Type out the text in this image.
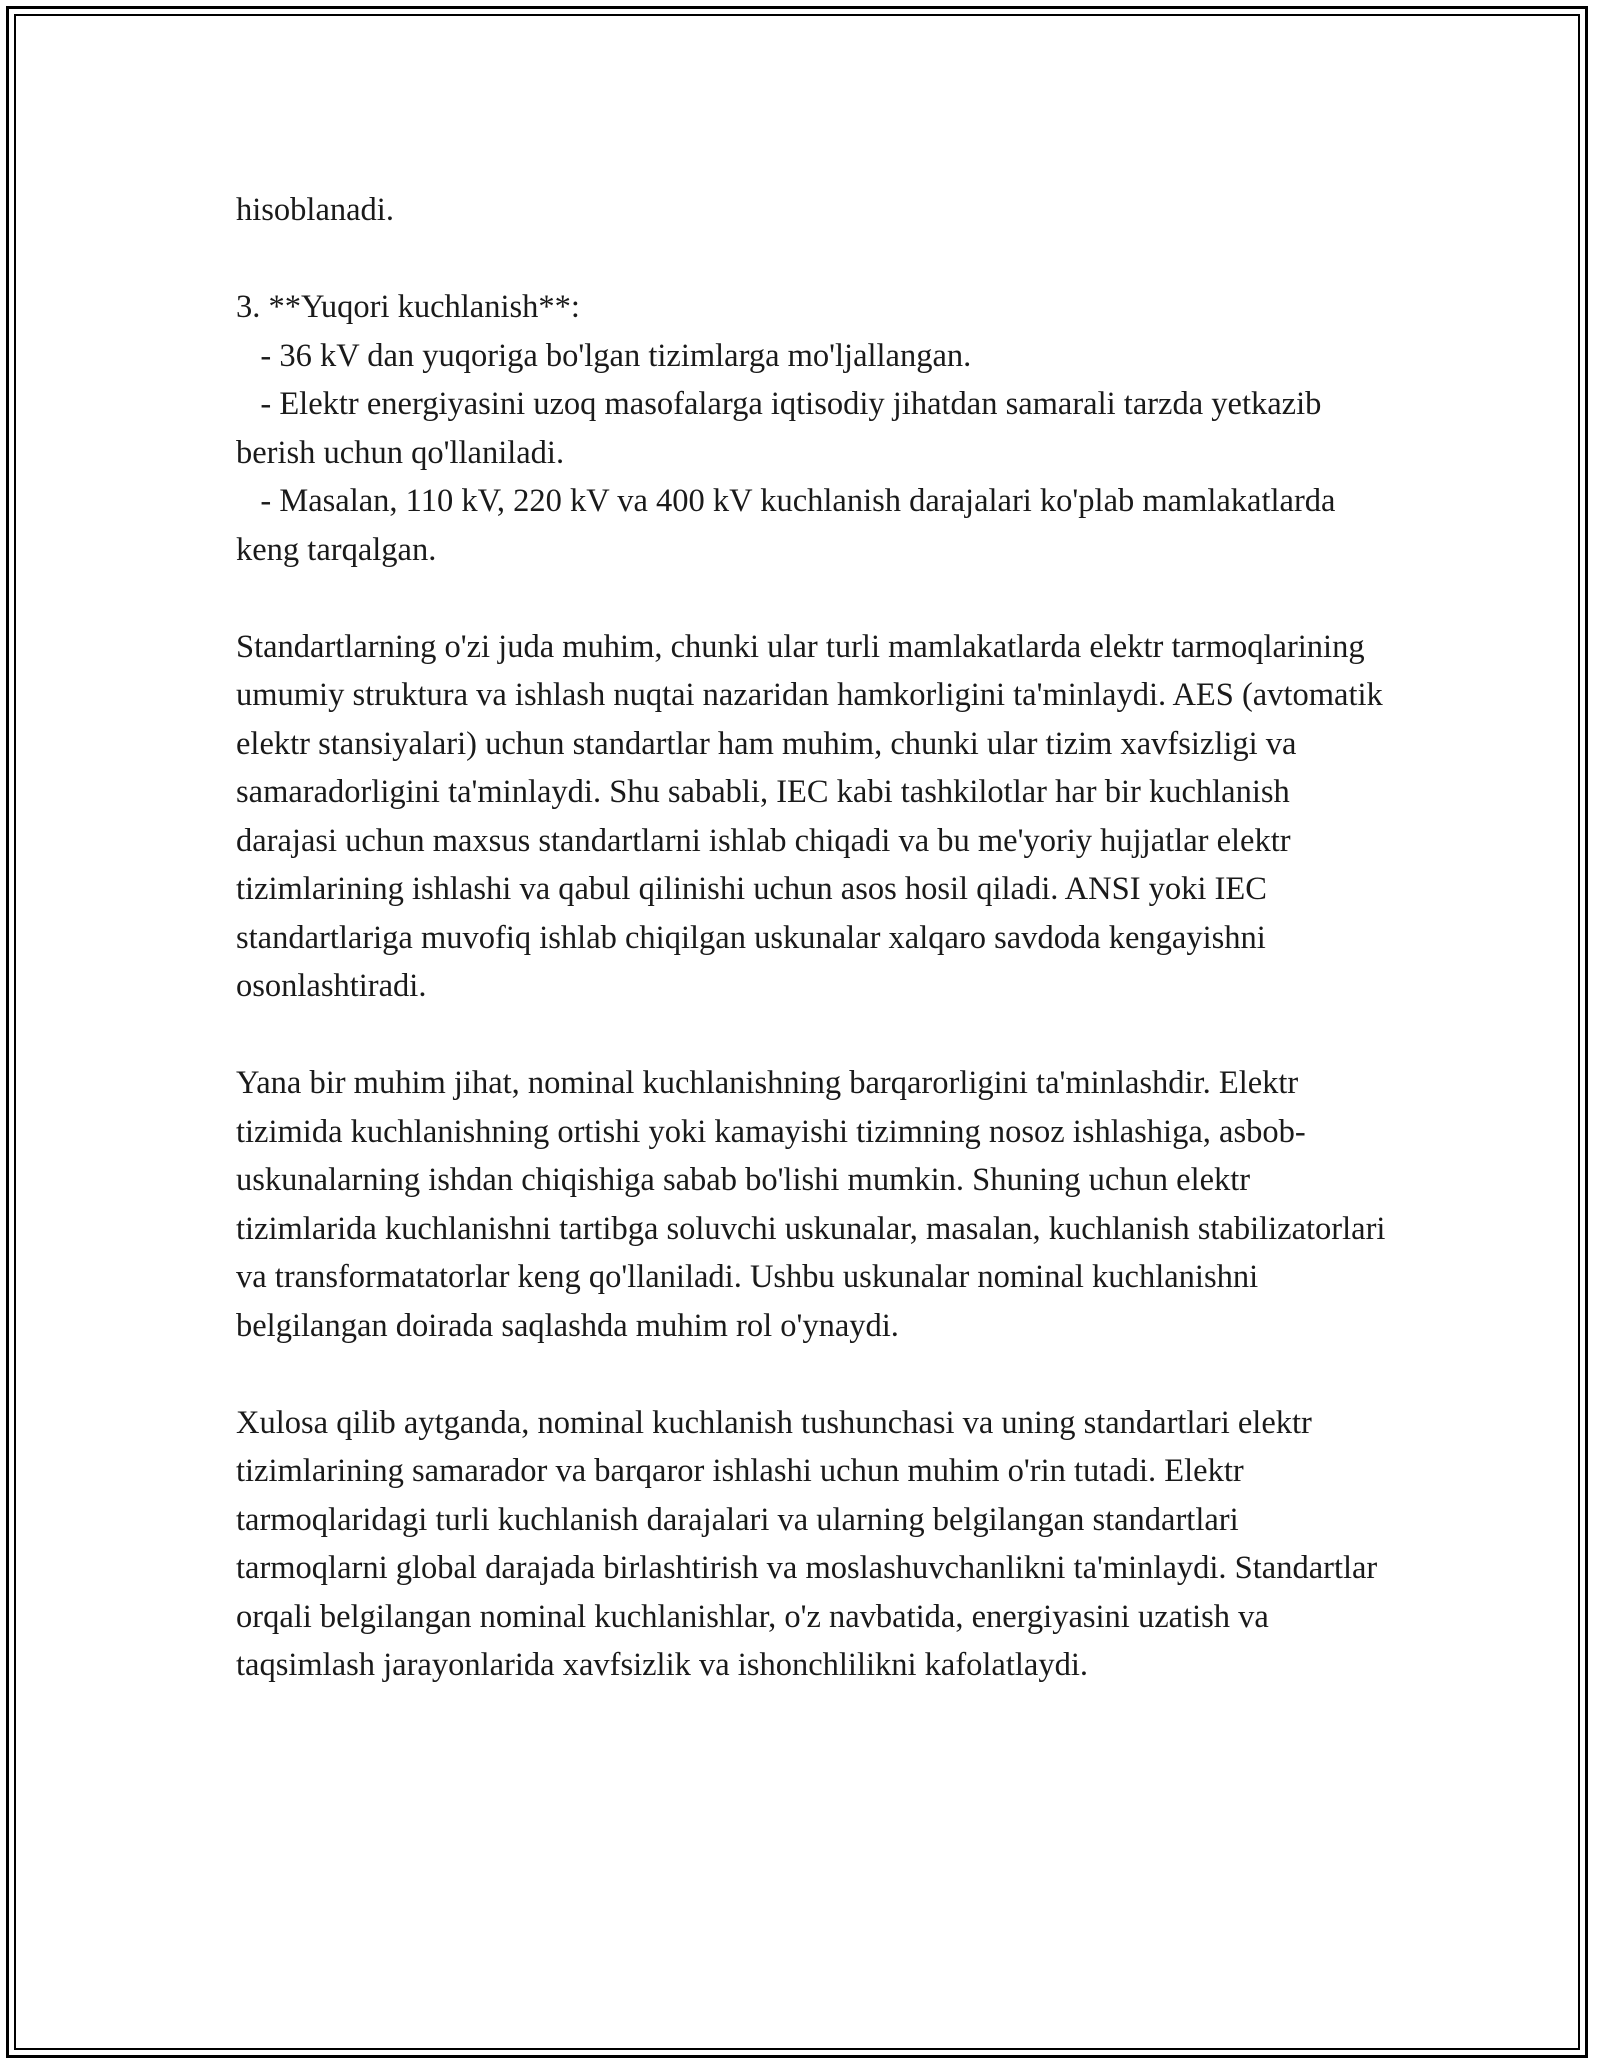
hisoblanadi.

3. **Yuqori kuchlanish**:

- 36 kV dan yuqoriga bo'lgan tizimlarga mo'ljallangan.

- Elektr energiyasini uzoq masofalarga iqtisodiy jihatdan samarali tarzda yetkazib berish uchun qo'llaniladi.

- Masalan, 110 kV, 220 kV va 400 kV kuchlanish darajalari ko'plab mamlakatlarda keng tarqalgan.

Standartlarning o'zi juda muhim, chunki ular turli mamlakatlarda elektr tarmoqlarining umumiy struktura va ishlash nuqtai nazaridan hamkorligini ta'minlaydi. AES (avtomatik elektr stansiyalari) uchun standartlar ham muhim, chunki ular tizim xavfsizligi va samaradorligini ta'minlaydi. Shu sababli, IEC kabi tashkilotlar har bir kuchlanish darajasi uchun maxsus standartlarni ishlab chiqadi va bu me'yoriy hujjatlar elektr tizimlarining ishlashi va qabul qilinishi uchun asos hosil qiladi. ANSI yoki IEC standartlariga muvofiq ishlab chiqilgan uskunalar xalqaro savdoda kengayishni osonlashtiradi.

Yana bir muhim jihat, nominal kuchlanishning barqarorligini ta'minlashdir. Elektr tizimida kuchlanishning ortishi yoki kamayishi tizimning nosoz ishlashiga, asbob-uskunalarning ishdan chiqishiga sabab bo'lishi mumkin. Shuning uchun elektr tizimlarida kuchlanishni tartibga soluvchi uskunalar, masalan, kuchlanish stabilizatorlari va transformatatorlar keng qo'llaniladi. Ushbu uskunalar nominal kuchlanishni belgilangan doirada saqlashda muhim rol o'ynaydi.

Xulosa qilib aytganda, nominal kuchlanish tushunchasi va uning standartlari elektr tizimlarining samarador va barqaror ishlashi uchun muhim o'rin tutadi. Elektr tarmoqlaridagi turli kuchlanish darajalari va ularning belgilangan standartlari tarmoqlarni global darajada birlashtirish va moslashuvchanlikni ta'minlaydi. Standartlar orqali belgilangan nominal kuchlanishlar, o'z navbatida, energiyasini uzatish va taqsimlash jarayonlarida xavfsizlik va ishonchlilikni kafolatlaydi.
